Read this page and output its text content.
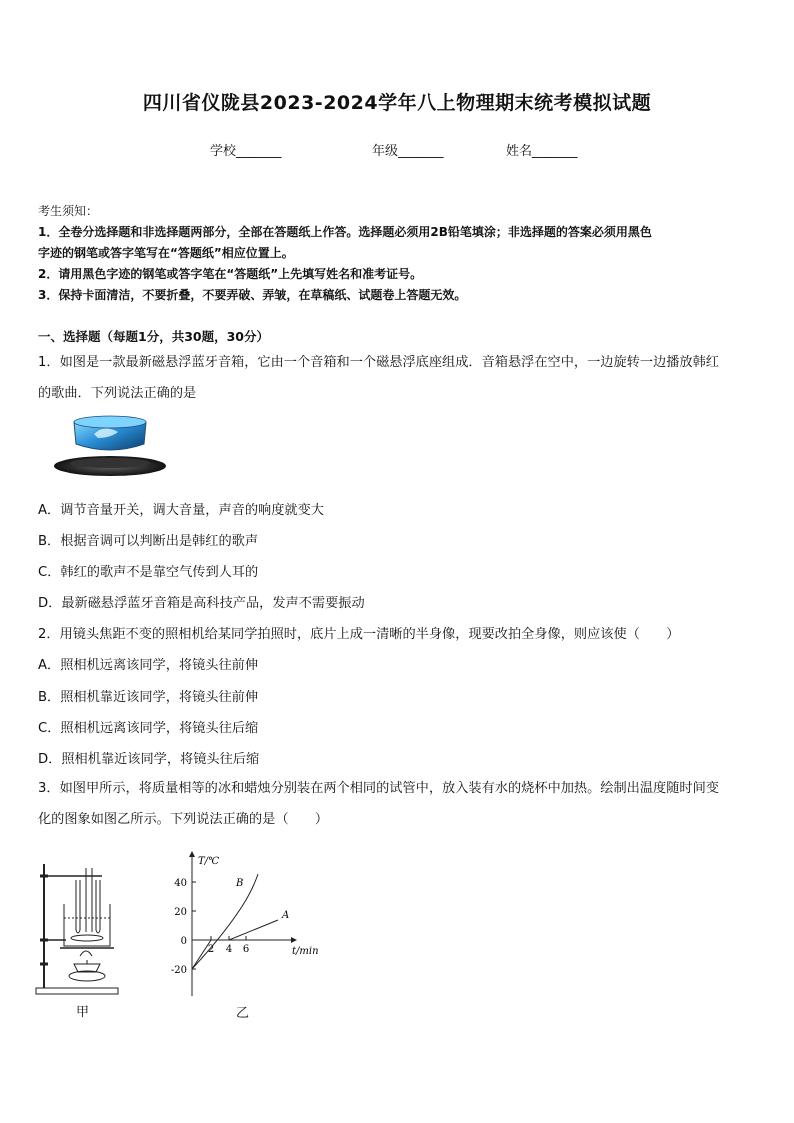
四川省仪陇县2023-2024学年八上物理期末统考模拟试题
学校_______	年级_______	姓名_______
考生须知：
1．全卷分选择题和非选择题两部分，全部在答题纸上作答。选择题必须用2B铅笔填涂；非选择题的答案必须用黑色
字迹的钢笔或答字笔写在“答题纸”相应位置上。
2．请用黑色字迹的钢笔或答字笔在“答题纸”上先填写姓名和准考证号。
3．保持卡面清洁，不要折叠，不要弄破、弄皱，在草稿纸、试题卷上答题无效。
一、选择题（每题1分，共30题，30分）
1．如图是一款最新磁悬浮蓝牙音箱，它由一个音箱和一个磁悬浮底座组成．音箱悬浮在空中，一边旋转一边播放韩红
的歌曲．下列说法正确的是
A．调节音量开关，调大音量，声音的响度就变大
B．根据音调可以判断出是韩红的歌声
C．韩红的歌声不是靠空气传到人耳的
D．最新磁悬浮蓝牙音箱是高科技产品，发声不需要振动
2．用镜头焦距不变的照相机给某同学拍照时，底片上成一清晰的半身像，现要改拍全身像，则应该使（　　）
A．照相机远离该同学，将镜头往前伸
B．照相机靠近该同学，将镜头往前伸
C．照相机远离该同学，将镜头往后缩
D．照相机靠近该同学，将镜头往后缩
3．如图甲所示，将质量相等的冰和蜡烛分别装在两个相同的试管中，放入装有水的烧杯中加热。绘制出温度随时间变
化的图象如图乙所示。下列说法正确的是（　　）
甲
40
20
0
-20
2 4 6
T/℃
t/min
A
B
乙
